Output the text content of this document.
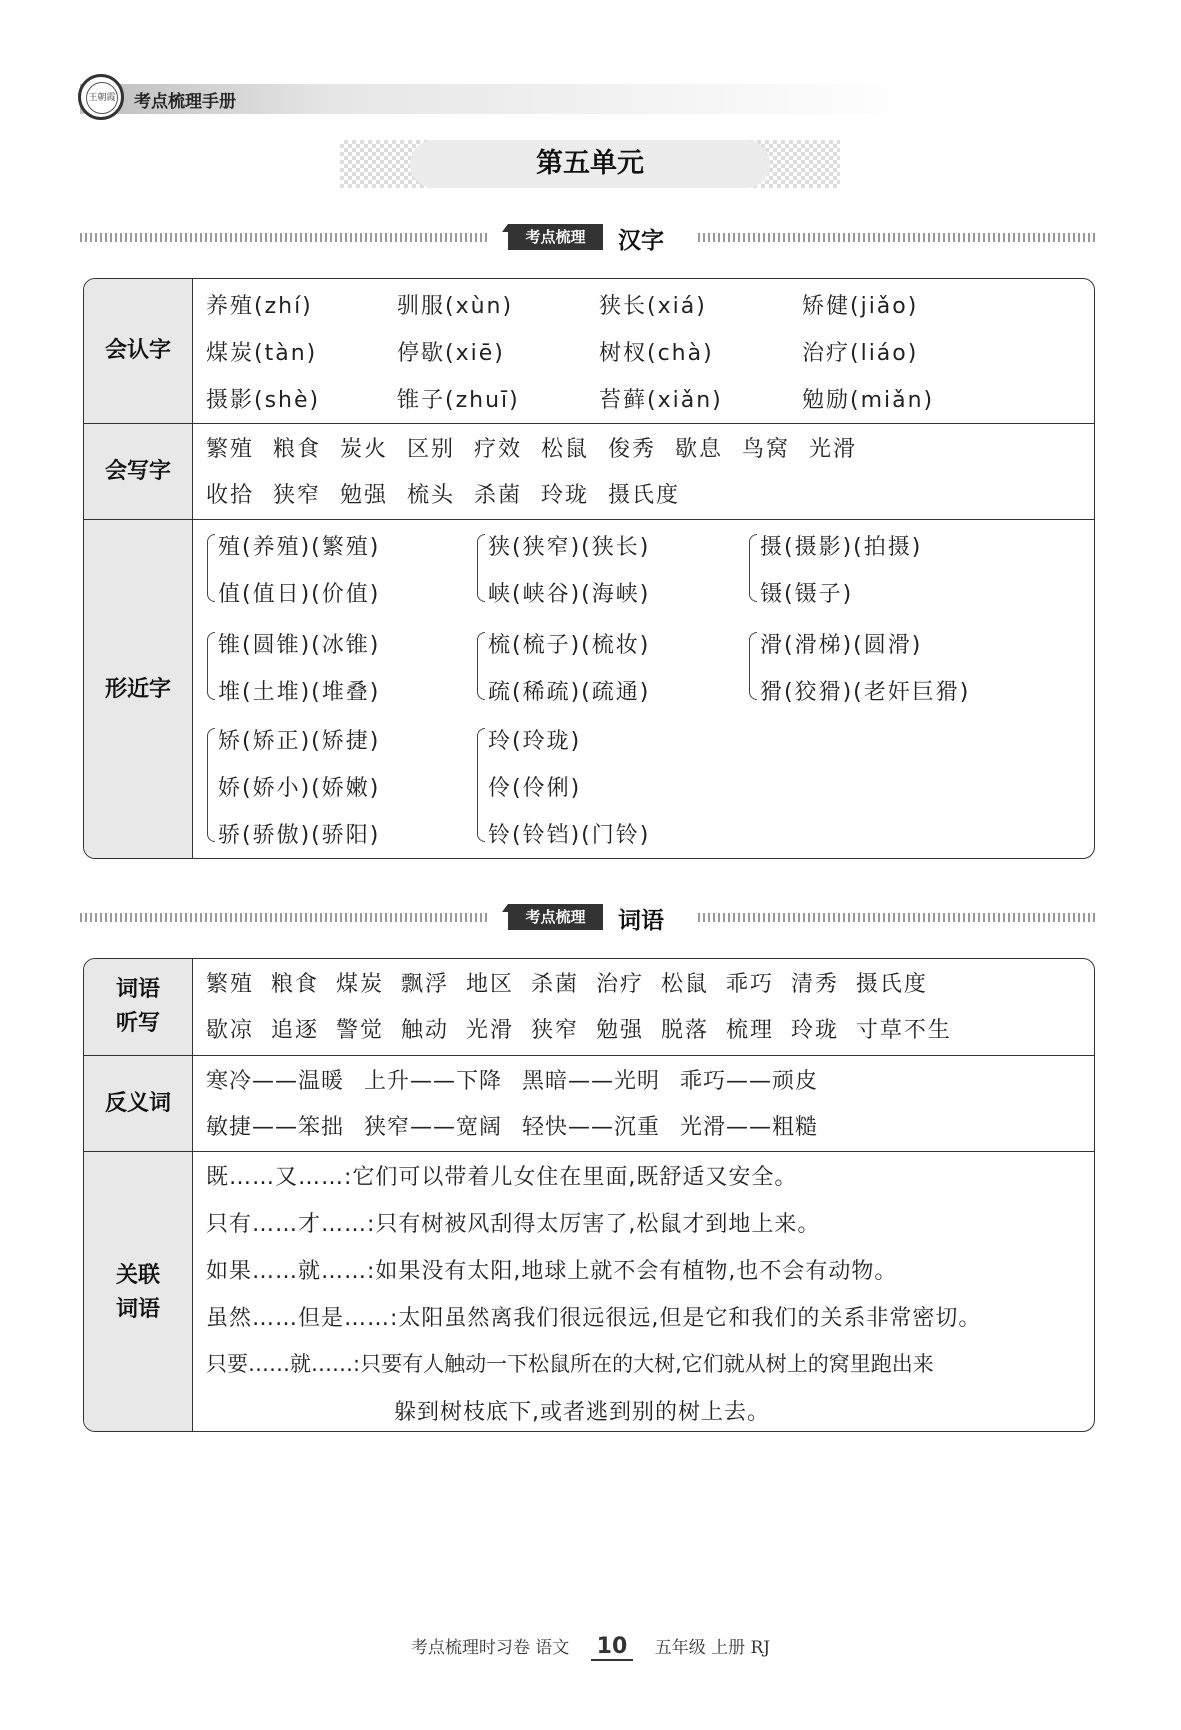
王朝霞 考点梳理手册
第五单元
考点梳理	汉字
会认字
养殖(zhí)	驯服(xùn)	狭长(xiá)	矫健(jiǎo)
煤炭(tàn)	停歇(xiē)	树杈(chà)	治疗(liáo)
摄影(shè)	锥子(zhuī)	苔藓(xiǎn)	勉励(miǎn)
会写字
繁殖 粮食 炭火 区别 疗效 松鼠 俊秀 歇息 鸟窝 光滑
收拾 狭窄 勉强 梳头 杀菌 玲珑 摄氏度
形近字
殖(养殖)(繁殖)
值(值日)(价值)
狭(狭窄)(狭长)
峡(峡谷)(海峡)
摄(摄影)(拍摄)
镊(镊子)
锥(圆锥)(冰锥)
堆(土堆)(堆叠)
梳(梳子)(梳妆)
疏(稀疏)(疏通)
滑(滑梯)(圆滑)
猾(狡猾)(老奸巨猾)
矫(矫正)(矫捷)
娇(娇小)(娇嫩)
骄(骄傲)(骄阳)
玲(玲珑)
伶(伶俐)
铃(铃铛)(门铃)
考点梳理	词语
词语
听写
繁殖 粮食 煤炭 飘浮 地区 杀菌 治疗 松鼠 乖巧 清秀 摄氏度
歇凉 追逐 警觉 触动 光滑 狭窄 勉强 脱落 梳理 玲珑 寸草不生
反义词
寒冷——温暖 上升——下降 黑暗——光明 乖巧——顽皮
敏捷——笨拙 狭窄——宽阔 轻快——沉重 光滑——粗糙
关联
词语
既……又……:它们可以带着儿女住在里面,既舒适又安全。
只有……才……:只有树被风刮得太厉害了,松鼠才到地上来。
如果……就……:如果没有太阳,地球上就不会有植物,也不会有动物。
虽然……但是……:太阳虽然离我们很远很远,但是它和我们的关系非常密切。
只要……就……:只要有人触动一下松鼠所在的大树,它们就从树上的窝里跑出来
躲到树枝底下,或者逃到别的树上去。
考点梳理时习卷 语文 10 五年级 上册 RJ
